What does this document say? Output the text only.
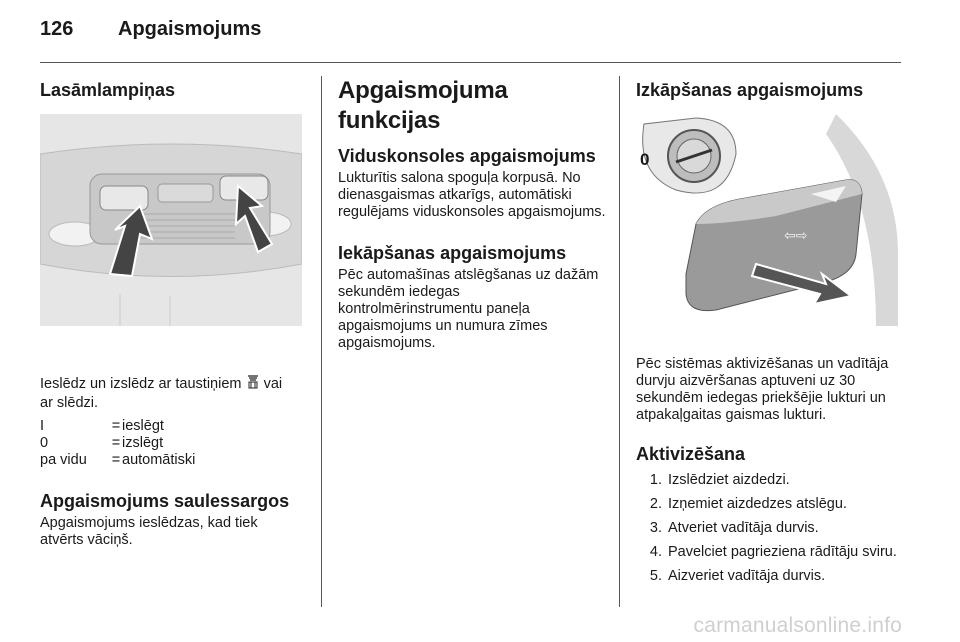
126	Apgaismojums
Lasāmlampiņas

Ieslēdz un izslēdz ar taustiņiem vai
ar slēdzi.

I	= ieslēgt
0	= izslēgt
pa vidu	= automātiski
Apgaismojums saulessargos

Apgaismojums ieslēdzas, kad tiek atvērts vāciņš.

Apgaismojuma funkcijas
Viduskonsoles apgaismojums

Lukturītis salona spoguļa korpusā. No dienasgaismas atkarīgs, automātiski regulējams viduskonsoles apgaismojums.

Iekāpšanas apgaismojums

Pēc automašīnas atslēgšanas uz dažām sekundēm iedegas kontrolmērinstrumentu paneļa apgaismojums un numura zīmes apgaismojums.

Izkāpšanas apgaismojums
⇦⇨
0

Pēc sistēmas aktivizēšanas un vadītāja durvju aizvēršanas aptuveni uz 30 sekundēm iedegas priekšējie lukturi un atpakaļgaitas gaismas lukturi.

Aktivizēšana
1. Izslēdziet aizdedzi.
2. Izņemiet aizdedzes atslēgu.
3. Atveriet vadītāja durvis.
4. Pavelciet pagrieziena rādītāju sviru.
5. Aizveriet vadītāja durvis.
carmanualsonline.info
